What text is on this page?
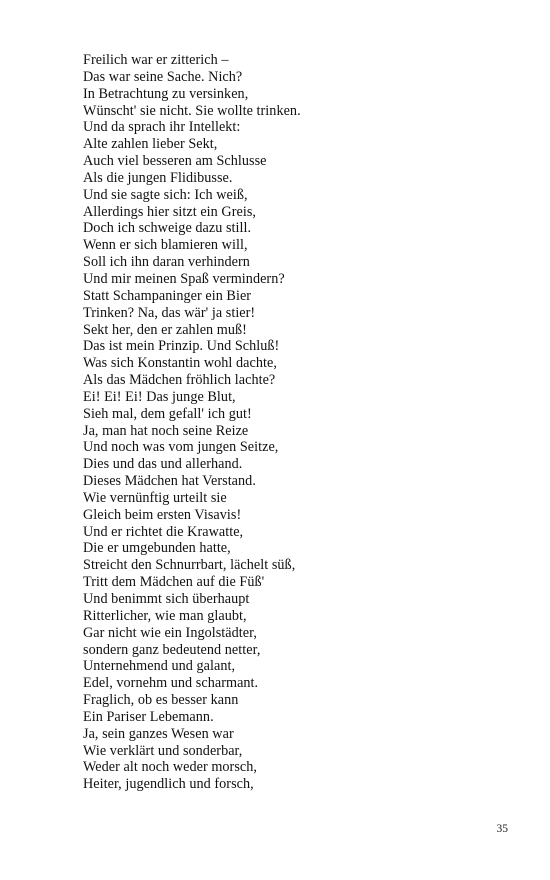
Freilich war er zitterich –
Das war seine Sache. Nich?
In Betrachtung zu versinken,
Wünscht' sie nicht. Sie wollte trinken.
Und da sprach ihr Intellekt:
Alte zahlen lieber Sekt,
Auch viel besseren am Schlusse
Als die jungen Flidibusse.
Und sie sagte sich: Ich weiß,
Allerdings hier sitzt ein Greis,
Doch ich schweige dazu still.
Wenn er sich blamieren will,
Soll ich ihn daran verhindern
Und mir meinen Spaß vermindern?
Statt Schampaninger ein Bier
Trinken? Na, das wär' ja stier!
Sekt her, den er zahlen muß!
Das ist mein Prinzip. Und Schluß!
Was sich Konstantin wohl dachte,
Als das Mädchen fröhlich lachte?
Ei! Ei! Ei! Das junge Blut,
Sieh mal, dem gefall' ich gut!
Ja, man hat noch seine Reize
Und noch was vom jungen Seitze,
Dies und das und allerhand.
Dieses Mädchen hat Verstand.
Wie vernünftig urteilt sie
Gleich beim ersten Visavis!
Und er richtet die Krawatte,
Die er umgebunden hatte,
Streicht den Schnurrbart, lächelt süß,
Tritt dem Mädchen auf die Füß'
Und benimmt sich überhaupt
Ritterlicher, wie man glaubt,
Gar nicht wie ein Ingolstädter,
sondern ganz bedeutend netter,
Unternehmend und galant,
Edel, vornehm und scharmant.
Fraglich, ob es besser kann
Ein Pariser Lebemann.
Ja, sein ganzes Wesen war
Wie verklärt und sonderbar,
Weder alt noch weder morsch,
Heiter, jugendlich und forsch,
35
